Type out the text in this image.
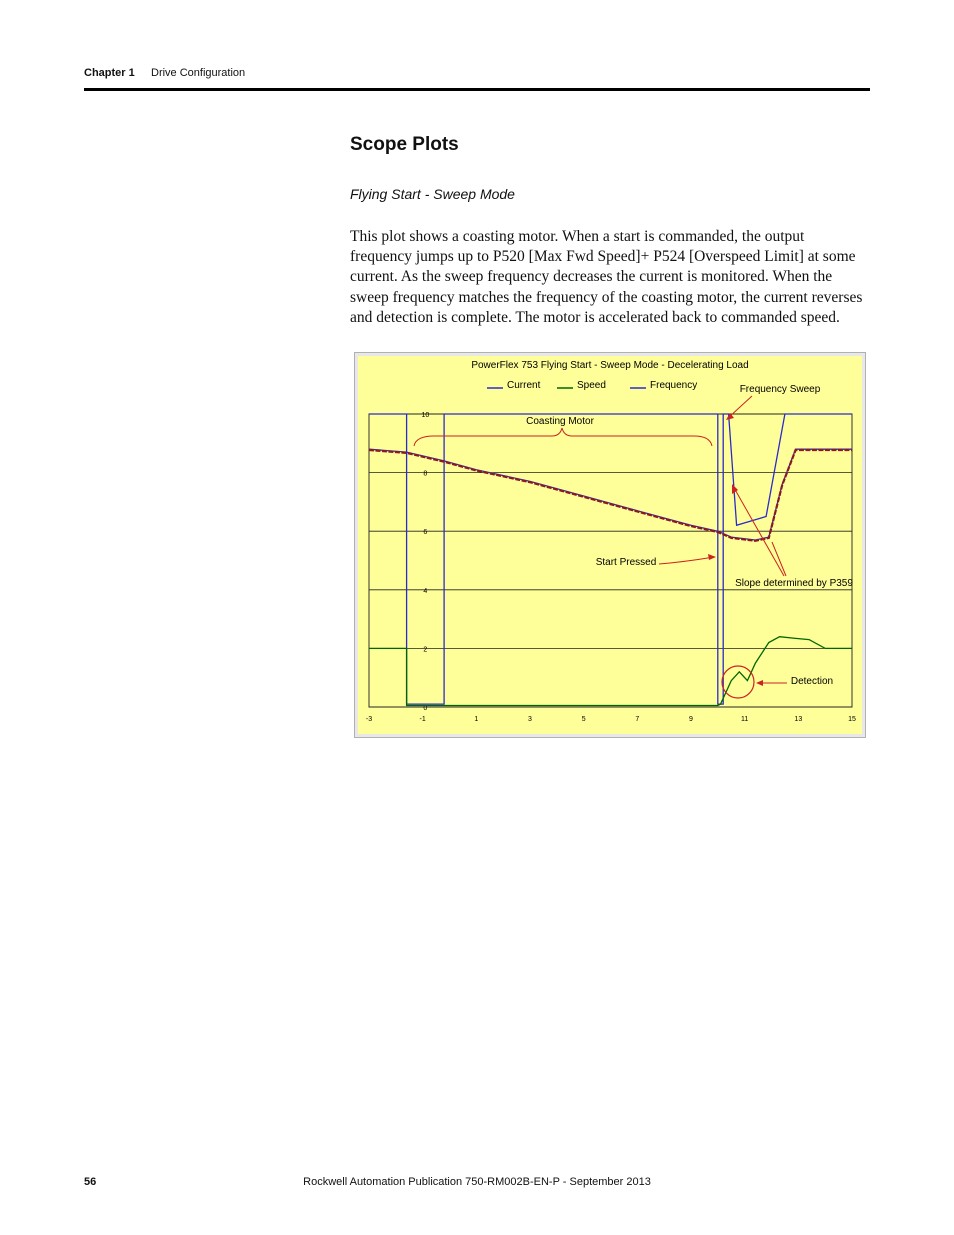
Chapter 1 Drive Configuration
Scope Plots
Flying Start - Sweep Mode

This plot shows a coasting motor. When a start is commanded, the output frequency jumps up to P520 [Max Fwd Speed]+ P524 [Overspeed Limit] at some current. As the sweep frequency decreases the current is monitored. When the sweep frequency matches the frequency of the coasting motor, the current reverses and detection is complete. The motor is accelerated back to commanded speed.

PowerFlex 753 Flying Start - Sweep Mode - Decelerating Load
Current	Speed	Frequency
0
2
4
6
8
10
-3	-1	1	3	5	7	9	11	13	15
Frequency Sweep
Coasting Motor
Start Pressed
Slope determined by P359
Detection
56	Rockwell Automation Publication 750-RM002B-EN-P - September 2013
